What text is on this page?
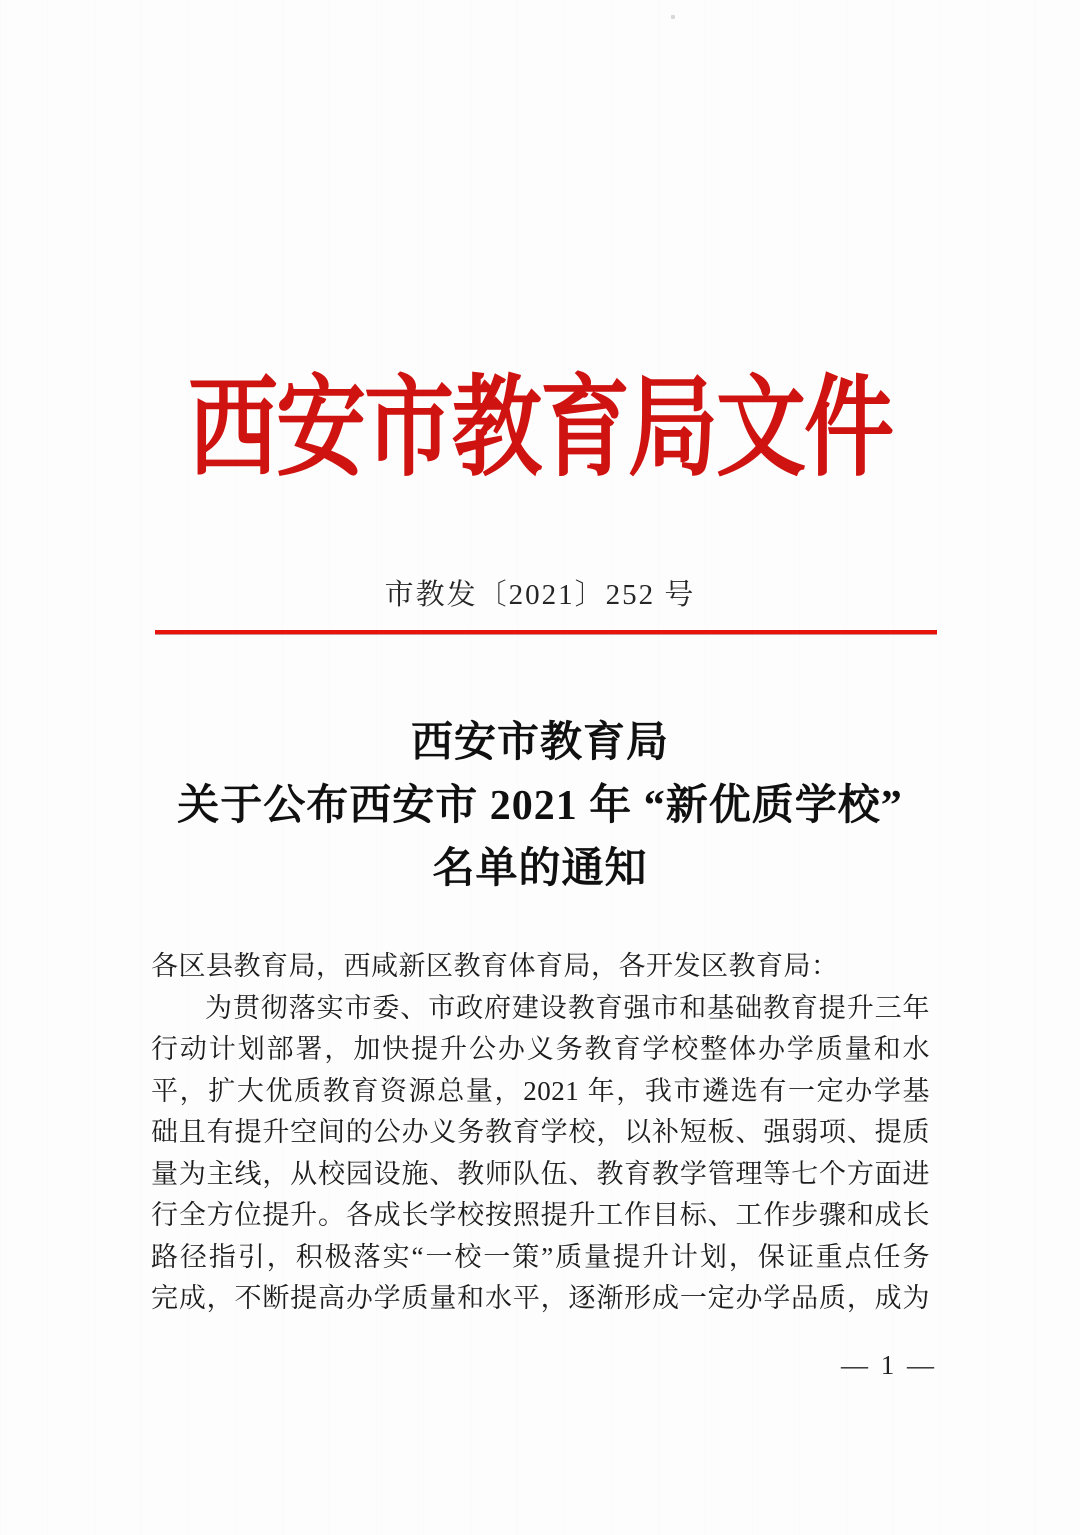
西安市教育局文件
市教发〔2021〕252 号
西安市教育局
关于公布西安市 2021 年 “新优质学校”
名单的通知
各区县教育局，西咸新区教育体育局，各开发区教育局：
为贯彻落实市委、市政府建设教育强市和基础教育提升三年
行动计划部署，加快提升公办义务教育学校整体办学质量和水
平，扩大优质教育资源总量，2021 年，我市遴选有一定办学基
础且有提升空间的公办义务教育学校，以补短板、强弱项、提质
量为主线，从校园设施、教师队伍、教育教学管理等七个方面进
行全方位提升。各成长学校按照提升工作目标、工作步骤和成长
路径指引，积极落实“一校一策”质量提升计划，保证重点任务
完成，不断提高办学质量和水平，逐渐形成一定办学品质，成为
— 1 —
